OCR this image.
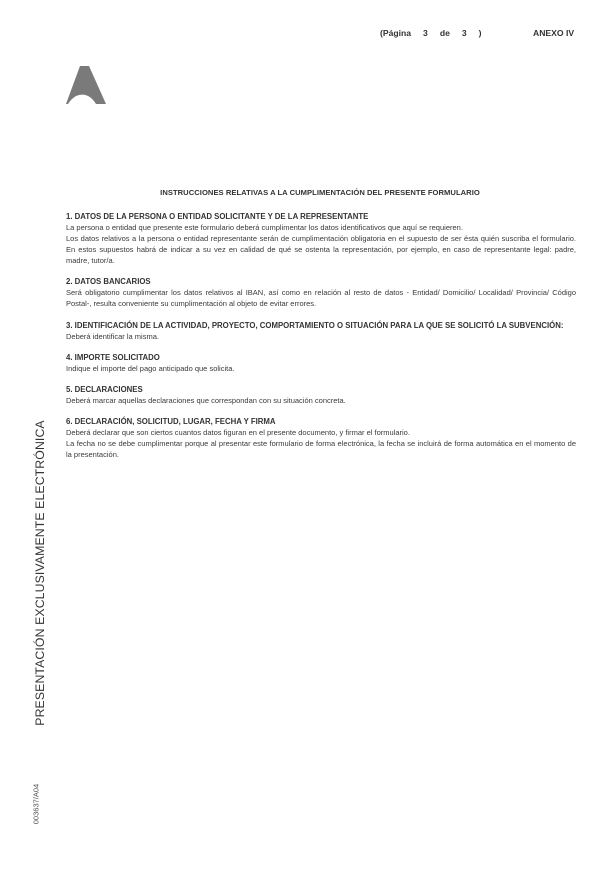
(Página 3 de 3 )	ANEXO IV
INSTRUCCIONES RELATIVAS A LA CUMPLIMENTACIÓN DEL PRESENTE FORMULARIO
1. DATOS DE LA PERSONA O ENTIDAD SOLICITANTE Y DE LA REPRESENTANTE

La persona o entidad que presente este formulario deberá cumplimentar los datos identificativos que aquí se requieren.

Los datos relativos a la persona o entidad representante serán de cumplimentación obligatoria en el supuesto de ser ésta quién suscriba el formulario. En estos supuestos habrá de indicar a su vez en calidad de qué se ostenta la representación, por ejemplo, en caso de representante legal: padre, madre, tutor/a.

2. DATOS BANCARIOS

Será obligatorio cumplimentar los datos relativos al IBAN, así como en relación al resto de datos - Entidad/ Domicilio/ Localidad/ Provincia/ Código Postal-, resulta conveniente su cumplimentación al objeto de evitar errores.

3. IDENTIFICACIÓN DE LA ACTIVIDAD, PROYECTO, COMPORTAMIENTO O SITUACIÓN PARA LA QUE SE SOLICITÓ LA SUBVENCIÓN:

Deberá identificar la misma.

4. IMPORTE SOLICITADO

Indique el importe del pago anticipado que solicita.

5. DECLARACIONES

Deberá marcar aquellas declaraciones que correspondan con su situación concreta.

6. DECLARACIÓN, SOLICITUD, LUGAR, FECHA Y FIRMA

Deberá declarar que son ciertos cuantos datos figuran en el presente documento, y firmar el formulario.

La fecha no se debe cumplimentar porque al presentar este formulario de forma electrónica, la fecha se incluirá de forma automática en el momento de la presentación.

PRESENTACIÓN EXCLUSIVAMENTE ELECTRÓNICA
003637/A04
